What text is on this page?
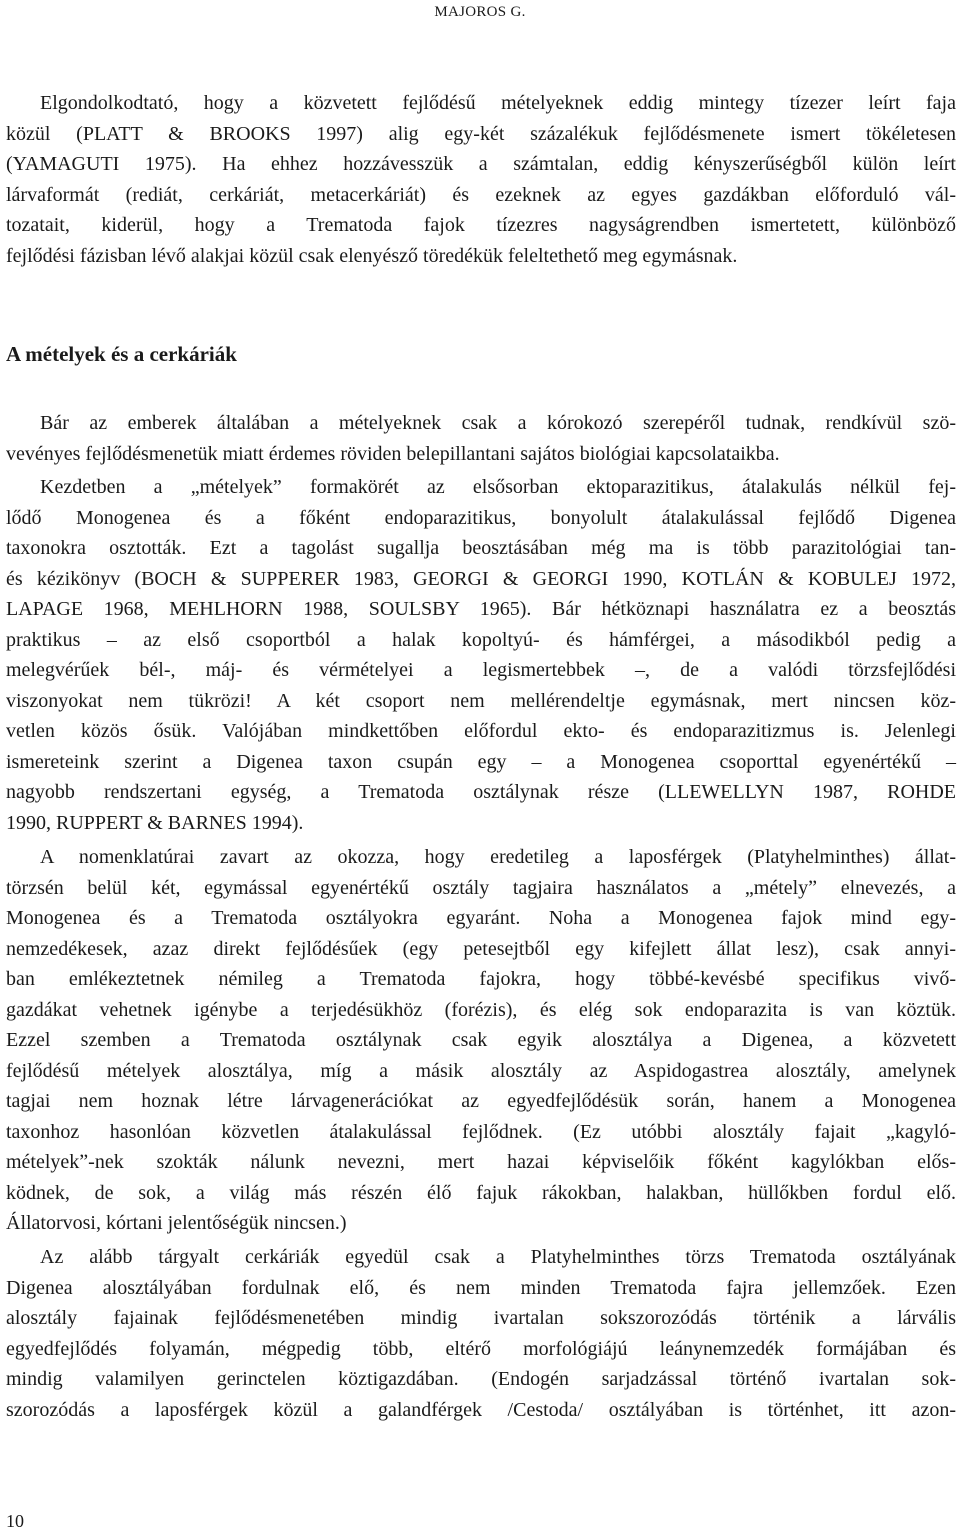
MAJOROS G.
Elgondolkodtató, hogy a közvetett fejlődésű mételyeknek eddig mintegy tízezer leírt faja
közül (PLATT & BROOKS 1997) alig egy-két százalékuk fejlődésmenete ismert tökéletesen
(YAMAGUTI 1975). Ha ehhez hozzávesszük a számtalan, eddig kényszerűségből külön leírt
lárvaformát (rediát, cerkáriát, metacerkáriát) és ezeknek az egyes gazdákban előforduló vál-
tozatait, kiderül, hogy a Trematoda fajok tízezres nagyságrendben ismertetett, különböző
fejlődési fázisban lévő alakjai közül csak elenyésző töredékük feleltethető meg egymásnak.
A mételyek és a cerkáriák
Bár az emberek általában a mételyeknek csak a kórokozó szerepéről tudnak, rendkívül szö-
vevényes fejlődésmenetük miatt érdemes röviden belepillantani sajátos biológiai kapcsolataikba.
Kezdetben a „mételyek” formakörét az elsősorban ektoparazitikus, átalakulás nélkül fej-
lődő Monogenea és a főként endoparazitikus, bonyolult átalakulással fejlődő Digenea
taxonokra osztották. Ezt a tagolást sugallja beosztásában még ma is több parazitológiai tan-
és kézikönyv (BOCH & SUPPERER 1983, GEORGI & GEORGI 1990, KOTLÁN & KOBULEJ 1972,
LAPAGE 1968, MEHLHORN 1988, SOULSBY 1965). Bár hétköznapi használatra ez a beosztás
praktikus – az első csoportból a halak kopoltyú- és hámférgei, a másodikból pedig a
melegvérűek bél-, máj- és vérmételyei a legismertebbek –, de a valódi törzsfejlődési
viszonyokat nem tükrözi! A két csoport nem mellérendeltje egymásnak, mert nincsen köz-
vetlen közös ősük. Valójában mindkettőben előfordul ekto- és endoparazitizmus is. Jelenlegi
ismereteink szerint a Digenea taxon csupán egy – a Monogenea csoporttal egyenértékű –
nagyobb rendszertani egység, a Trematoda osztálynak része (LLEWELLYN 1987, ROHDE
1990, RUPPERT & BARNES 1994).
A nomenklatúrai zavart az okozza, hogy eredetileg a laposférgek (Platyhelminthes) állat-
törzsén belül két, egymással egyenértékű osztály tagjaira használatos a „mételyˮ elnevezés, a
Monogenea és a Trematoda osztályokra egyaránt. Noha a Monogenea fajok mind egy-
nemzedékesek, azaz direkt fejlődésűek (egy petesejtből egy kifejlett állat lesz), csak annyi-
ban emlékeztetnek némileg a Trematoda fajokra, hogy többé-kevésbé specifikus vivő-
gazdákat vehetnek igénybe a terjedésükhöz (forézis), és elég sok endoparazita is van köztük.
Ezzel szemben a Trematoda osztálynak csak egyik alosztálya a Digenea, a közvetett
fejlődésű mételyek alosztálya, míg a másik alosztály az Aspidogastrea alosztály, amelynek
tagjai nem hoznak létre lárvagenerációkat az egyedfejlődésük során, hanem a Monogenea
taxonhoz hasonlóan közvetlen átalakulással fejlődnek. (Ez utóbbi alosztály fajait „kagyló-
mételyekˮ-nek szokták nálunk nevezni, mert hazai képviselőik főként kagylókban elős-
ködnek, de sok, a világ más részén élő fajuk rákokban, halakban, hüllőkben fordul elő.
Állatorvosi, kórtani jelentőségük nincsen.)
Az alább tárgyalt cerkáriák egyedül csak a Platyhelminthes törzs Trematoda osztályának
Digenea alosztályában fordulnak elő, és nem minden Trematoda fajra jellemzőek. Ezen
alosztály fajainak fejlődésmenetében mindig ivartalan sokszorozódás történik a lárvális
egyedfejlődés folyamán, mégpedig több, eltérő morfológiájú leánynemzedék formájában és
mindig valamilyen gerinctelen köztigazdában. (Endogén sarjadzással történő ivartalan sok-
szorozódás a laposférgek közül a galandférgek /Cestoda/ osztályában is történhet, itt azon-
10
